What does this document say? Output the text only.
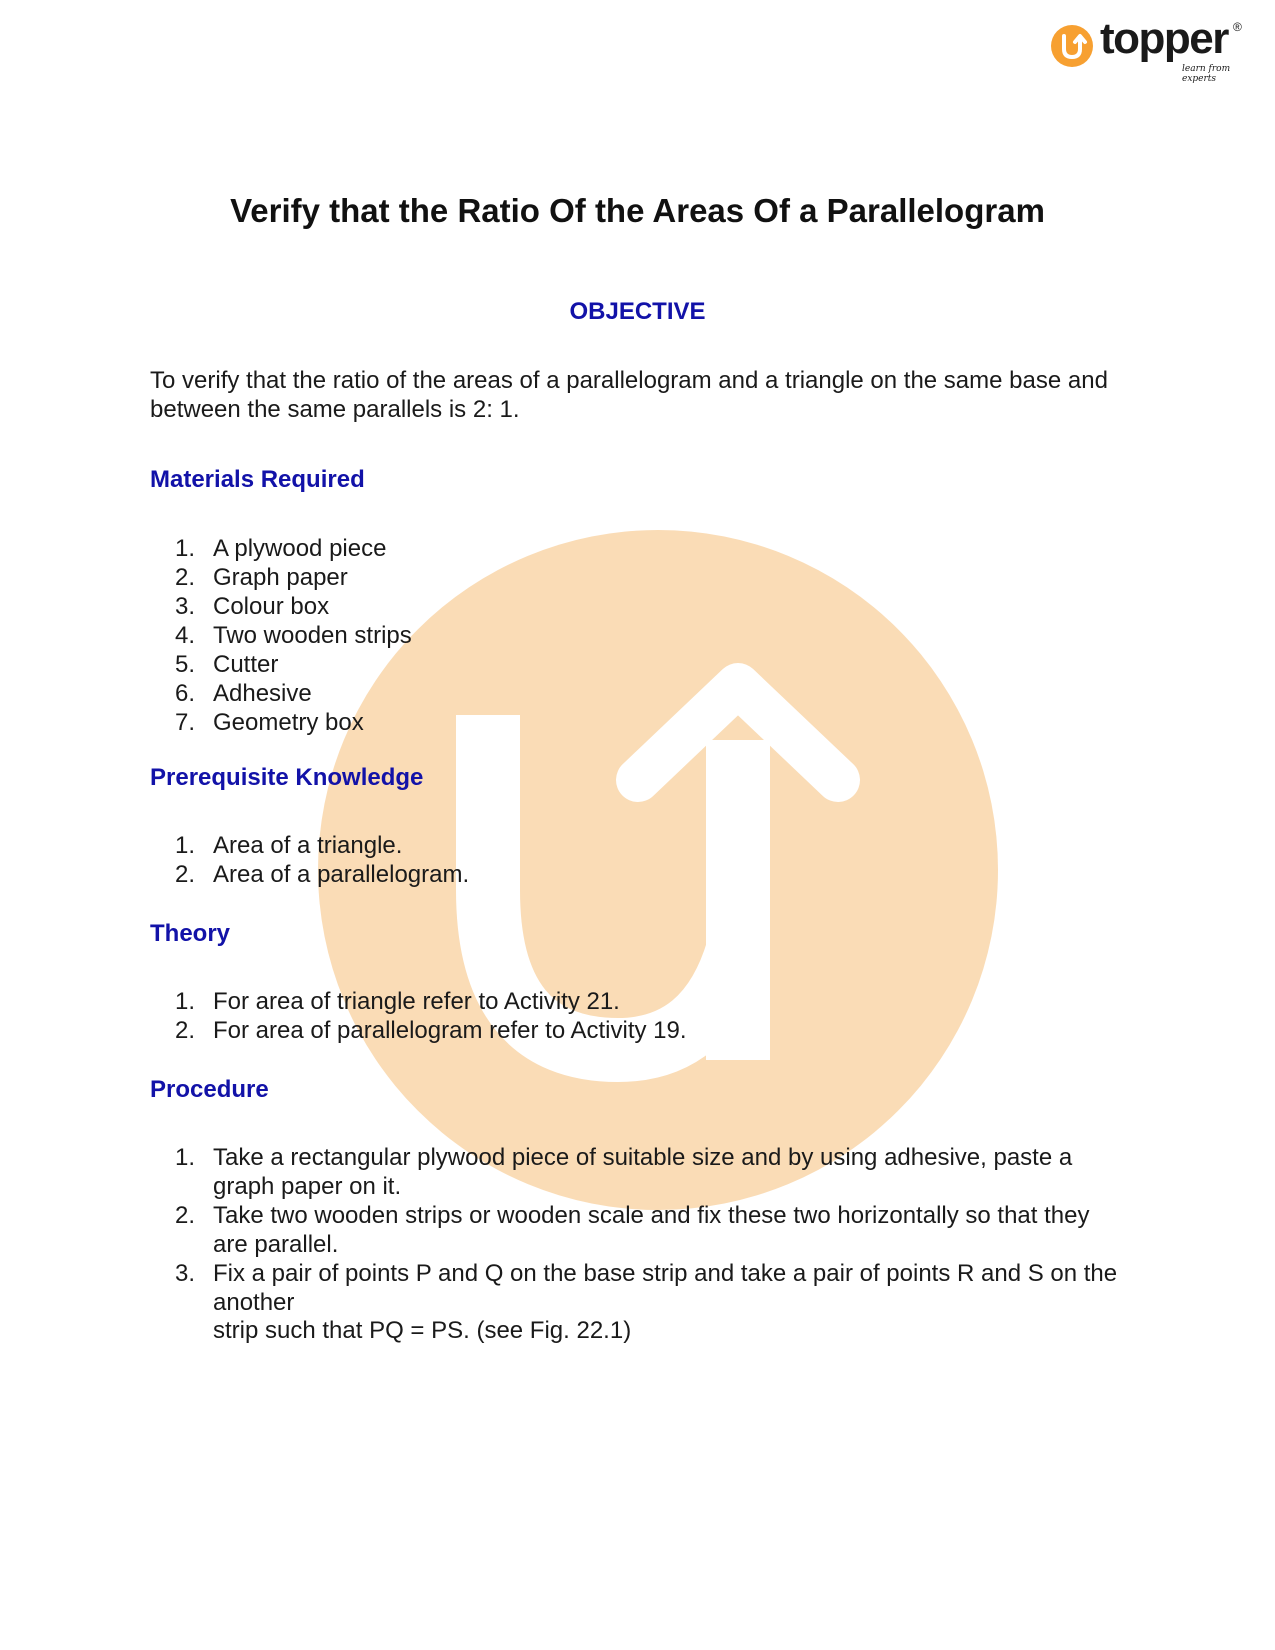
topper ®
learn from experts
Verify that the Ratio Of the Areas Of a Parallelogram
OBJECTIVE
To verify that the ratio of the areas of a parallelogram and a triangle on the same base and between the same parallels is 2: 1.
Materials Required
1. A plywood piece
2. Graph paper
3. Colour box
4. Two wooden strips
5. Cutter
6. Adhesive
7. Geometry box
Prerequisite Knowledge
1. Area of a triangle.
2. Area of a parallelogram.
Theory
1. For area of triangle refer to Activity 21.
2. For area of parallelogram refer to Activity 19.
Procedure
1. Take a rectangular plywood piece of suitable size and by using adhesive, paste a graph paper on it.
2. Take two wooden strips or wooden scale and fix these two horizontally so that they are parallel.
3. Fix a pair of points P and Q on the base strip and take a pair of points R and S on the another
strip such that PQ = PS. (see Fig. 22.1)
